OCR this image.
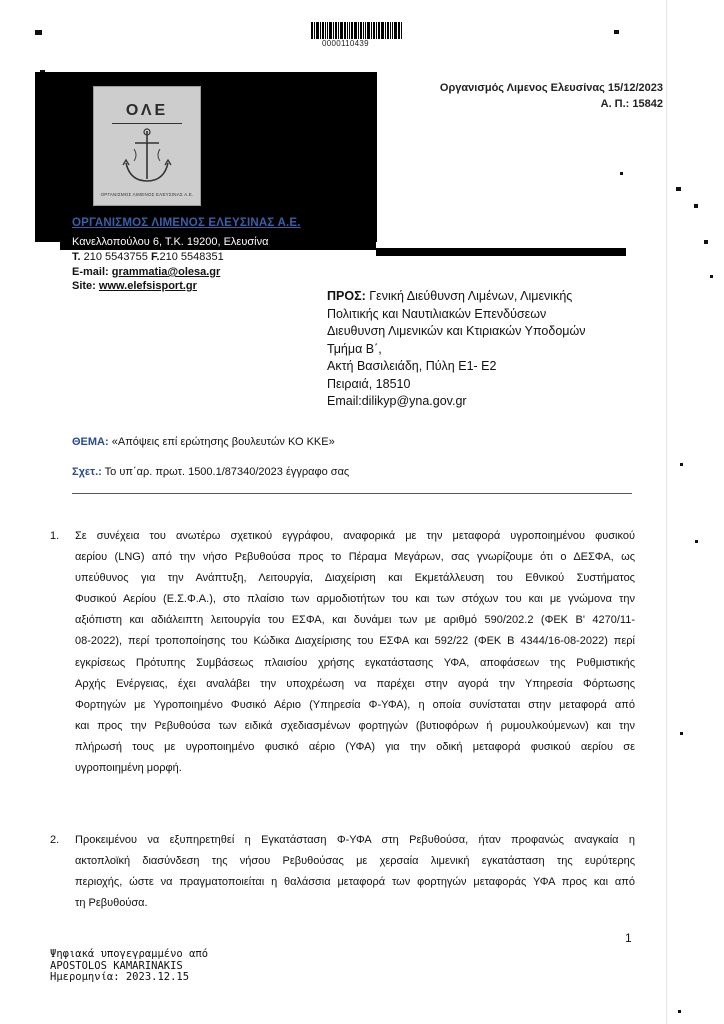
0000110439
Οργανισμός Λιμενος Ελευσίνας 15/12/2023
Α. Π.: 15842
ΟΛΕ
ΟΡΓΑΝΙΣΜΟΣ ΛΙΜΕΝΟΣ ΕΛΕΥΣΙΝΑΣ Α.Ε.
ΟΡΓΑΝΙΣΜΟΣ ΛΙΜΕΝΟΣ ΕΛΕΥΣΙΝΑΣ Α.Ε.
Κανελλοπούλου 6, Τ.Κ. 19200, Ελευσίνα
Τ. 210 5543755 F.210 5548351
E-mail: grammatia@olesa.gr
Site: www.elefsisport.gr
ΠΡΟΣ: Γενική Διεύθυνση Λιμένων, Λιμενικής
Πολιτικής και Ναυτιλιακών Επενδύσεων
Διευθυνση Λιμενικών και Κτιριακών Υποδομών
Τμήμα Β΄,
Ακτή Βασιλειάδη, Πύλη Ε1- Ε2
Πειραιά, 18510
Email:dilikyp@yna.gov.gr
ΘΕΜΑ: «Απόψεις επί ερώτησης βουλευτών ΚΟ ΚΚΕ»
Σχετ.: Το υπ΄αρ. πρωτ. 1500.1/87340/2023 έγγραφο σας
1. Σε συνέχεια του ανωτέρω σχετικού εγγράφου, αναφορικά με την μεταφορά υγροποιημένου φυσικού
αερίου (LNG) από την νήσο Ρεβυθούσα προς το Πέραμα Μεγάρων, σας γνωρίζουμε ότι ο ΔΕΣΦΑ, ως
υπεύθυνος για την Ανάπτυξη, Λειτουργία, Διαχείριση και Εκμετάλλευση του Εθνικού Συστήματος
Φυσικού Αερίου (Ε.Σ.Φ.Α.), στο πλαίσιο των αρμοδιοτήτων του και των στόχων του και με γνώμονα την
αξιόπιστη και αδιάλειπτη λειτουργία του ΕΣΦΑ, και δυνάμει των με αριθμό 590/202.2 (ΦΕΚ Β' 4270/11-
08-2022), περί τροποποίησης του Κώδικα Διαχείρισης του ΕΣΦΑ και 592/22 (ΦΕΚ Β 4344/16-08-2022) περί
εγκρίσεως Πρότυπης Συμβάσεως πλαισίου χρήσης εγκατάστασης ΥΦΑ, αποφάσεων της Ρυθμιστικής
Αρχής Ενέργειας, έχει αναλάβει την υποχρέωση να παρέχει στην αγορά την Υπηρεσία Φόρτωσης
Φορτηγών με Υγροποιημένο Φυσικό Αέριο (Υπηρεσία Φ-ΥΦΑ), η οποία συνίσταται στην μεταφορά από
και προς την Ρεβυθούσα των ειδικά σχεδιασμένων φορτηγών (βυτιοφόρων ή ρυμουλκούμενων) και την
πλήρωσή τους με υγροποιημένο φυσικό αέριο (ΥΦΑ) για την οδική μεταφορά φυσικού αερίου σε
υγροποιημένη μορφή.
2. Προκειμένου να εξυπηρετηθεί η Εγκατάσταση Φ-ΥΦΑ στη Ρεβυθούσα, ήταν προφανώς αναγκαία η
ακτοπλοϊκή διασύνδεση της νήσου Ρεβυθούσας με χερσαία λιμενική εγκατάσταση της ευρύτερης
περιοχής, ώστε να πραγματοποιείται η θαλάσσια μεταφορά των φορτηγών μεταφοράς ΥΦΑ προς και από
τη Ρεβυθούσα.
1
Ψηφιακά υπογεγραμμένο από
APOSTOLOS KAMARINAKIS
Ημερομηνία: 2023.12.15
